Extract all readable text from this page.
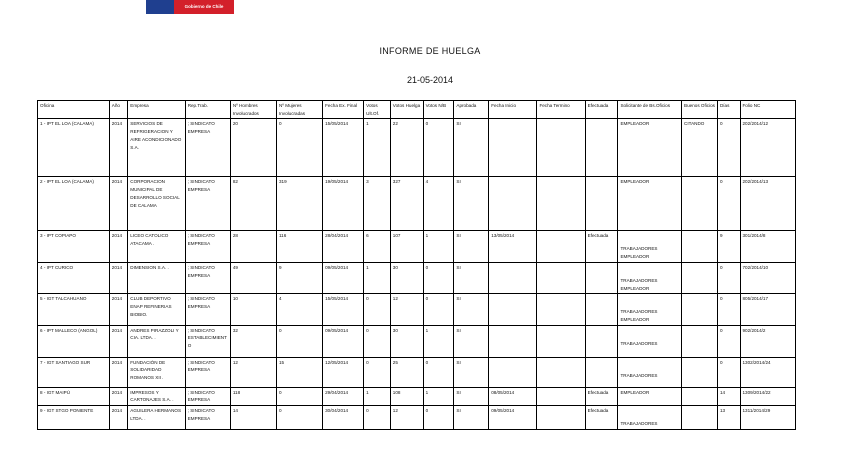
Gobierno de Chile
INFORME DE HUELGA
21-05-2014
Oficina	Año	Empresa	Rep.Trab.	Nº Hombres Involucrados	Nº Mujeres Involucradas	Fecha Ex. Final	Votos Ult.Of.	Votos Huelga	Votos N/B	Aprobada	Fecha Inicio	Fecha Termino	Efectuada	Solicitante de Bs.Oficios	Buenos Oficios	Días	Folio NC
1 - IPT EL LOA (CALAMA)	2014	SERVICIOS DE REFRIGERACION Y AIRE ACONDICIONADO S.A.	; SINDICATO EMPRESA	20	0	15/05/2014	1	22	0	SI				EMPLEADOR	CITANDO	0	202/2014/12
2 - IPT EL LOA (CALAMA)	2014	CORPORACION MUNICIPAL DE DESARROLLO SOCIAL DE CALAMA	; SINDICATO EMPRESA	82	319	19/05/2014	3	327	4	SI				EMPLEADOR		0	202/2014/13
3 - IPT COPIAPO	2014	LICEO CATOLICO ATACAMA .	; SINDICATO EMPRESA	28	116	28/04/2014	6	107	1	SI	13/05/2014		Efectuada	TRABAJADORES EMPLEADOR		9	301/2014/8
4 - IPT CURICO	2014	DIMENSION S.A. .	; SINDICATO EMPRESA	49	9	09/05/2014	1	30	0	SI				TRABAJADORES EMPLEADOR		0	702/2014/10
5 - IGT TALCAHUANO	2014	CLUB DEPORTIVO ENAP REFINERIAS BIOBIO.	; SINDICATO EMPRESA	10	4	15/05/2014	0	12	0	SI				TRABAJADORES EMPLEADOR		0	805/2014/17
6 - IPT MALLECO (ANGOL)	2014	ANDRES PIRAZZOLI Y CIA. LTDA. .	; SINDICATO ESTABLECIMIENTO	32	0	09/05/2014	0	30	1	SI				TRABAJADORES		0	902/2014/2
7 - IGT SANTIAGO SUR	2014	FUNDACIÓN DE SOLIDARIDAD ROMANOS XII .	; SINDICATO EMPRESA	12	15	12/05/2014	0	25	0	SI				TRABAJADORES		0	1302/2014/24
8 - IGT MAIPÚ	2014	IMPRESOS Y CARTONAJES S.A. .	; SINDICATO EMPRESA	118	0	29/04/2014	1	108	1	SI	08/05/2014		Efectuada	EMPLEADOR		14	1309/2014/22
9 - IGT STGO PONIENTE	2014	AGUILERA HERMANOS LTDA. .	; SINDICATO EMPRESA	14	0	30/04/2014	0	12	0	SI	09/05/2014		Efectuada	TRABAJADORES		13	1311/2014/29
